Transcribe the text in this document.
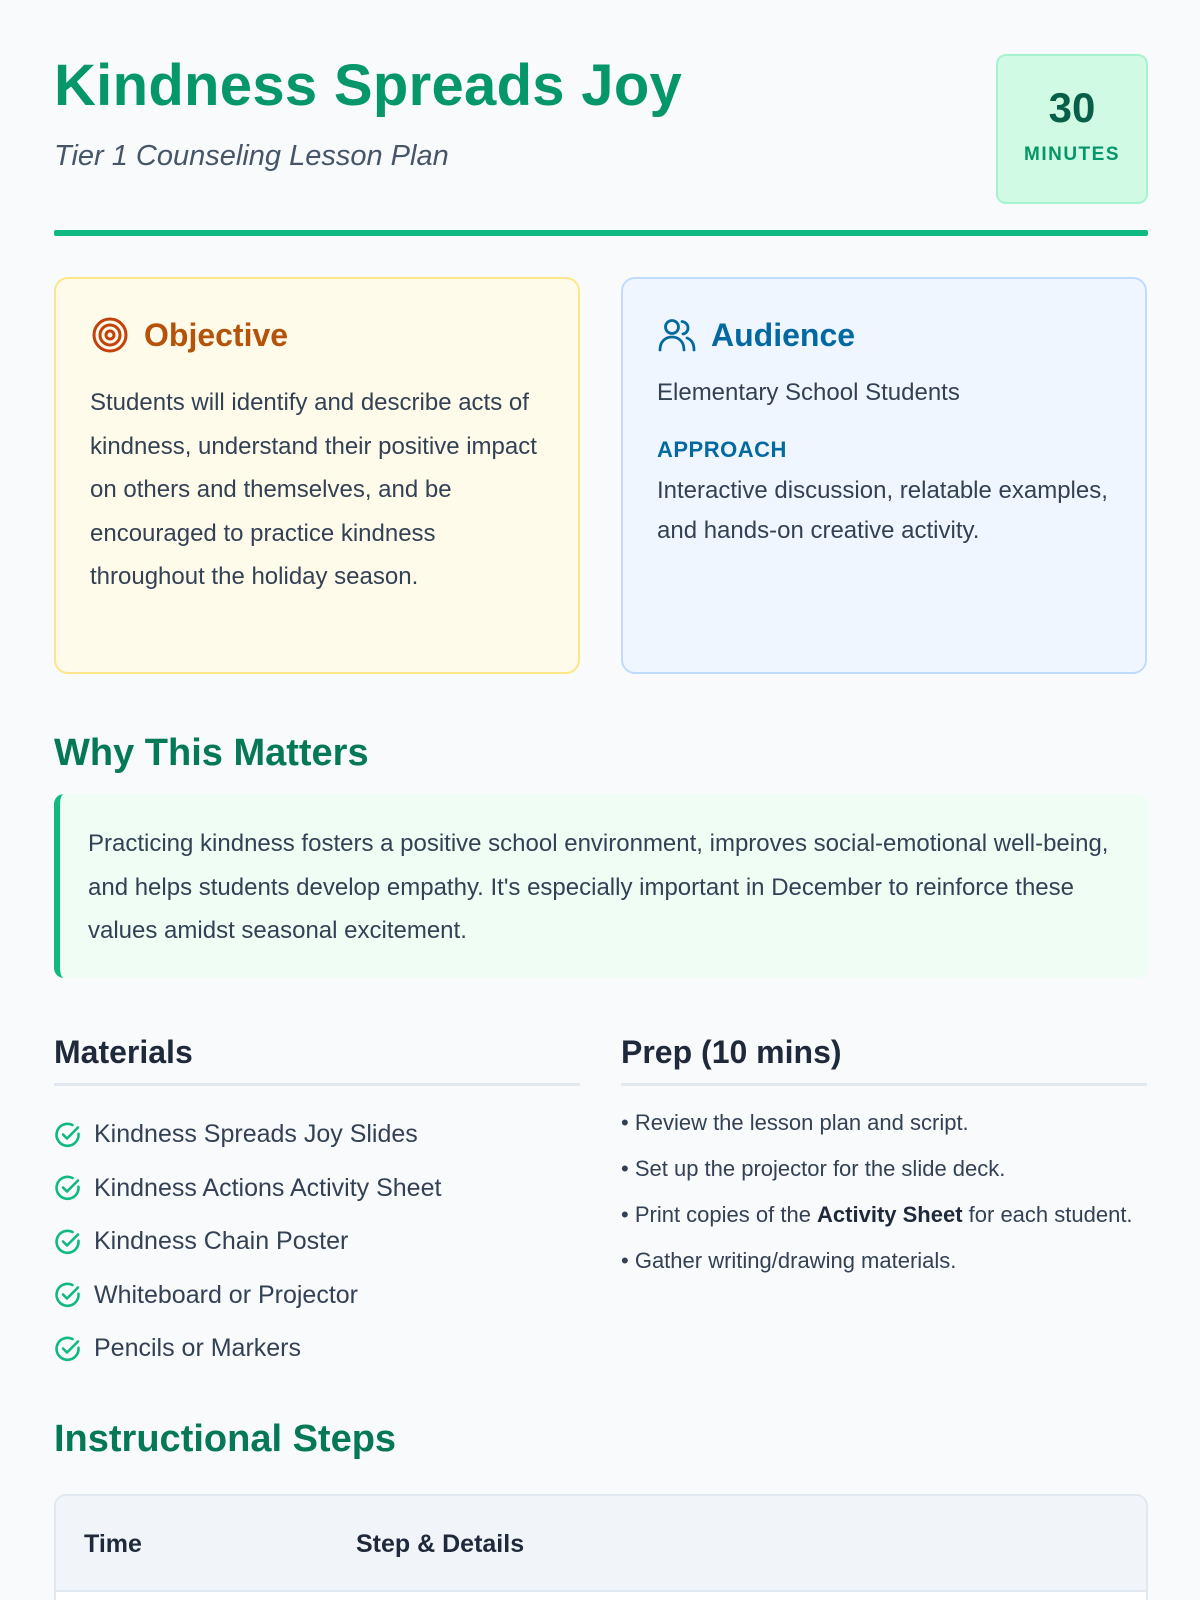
Kindness Spreads Joy
Tier 1 Counseling Lesson Plan
30
MINUTES
Objective

Students will identify and describe acts of kindness, understand their positive impact on others and themselves, and be encouraged to practice kindness throughout the holiday season.

Audience
Elementary School Students
APPROACH

Interactive discussion, relatable examples, and hands-on creative activity.

Why This Matters

Practicing kindness fosters a positive school environment, improves social-emotional well-being, and helps students develop empathy. It's especially important in December to reinforce these values amidst seasonal excitement.

Materials
Kindness Spreads Joy Slides
Kindness Actions Activity Sheet
Kindness Chain Poster
Whiteboard or Projector
Pencils or Markers
Prep (10 mins)
• Review the lesson plan and script.
• Set up the projector for the slide deck.
• Print copies of the Activity Sheet for each student.
• Gather writing/drawing materials.
Instructional Steps
Time	Step & Details
